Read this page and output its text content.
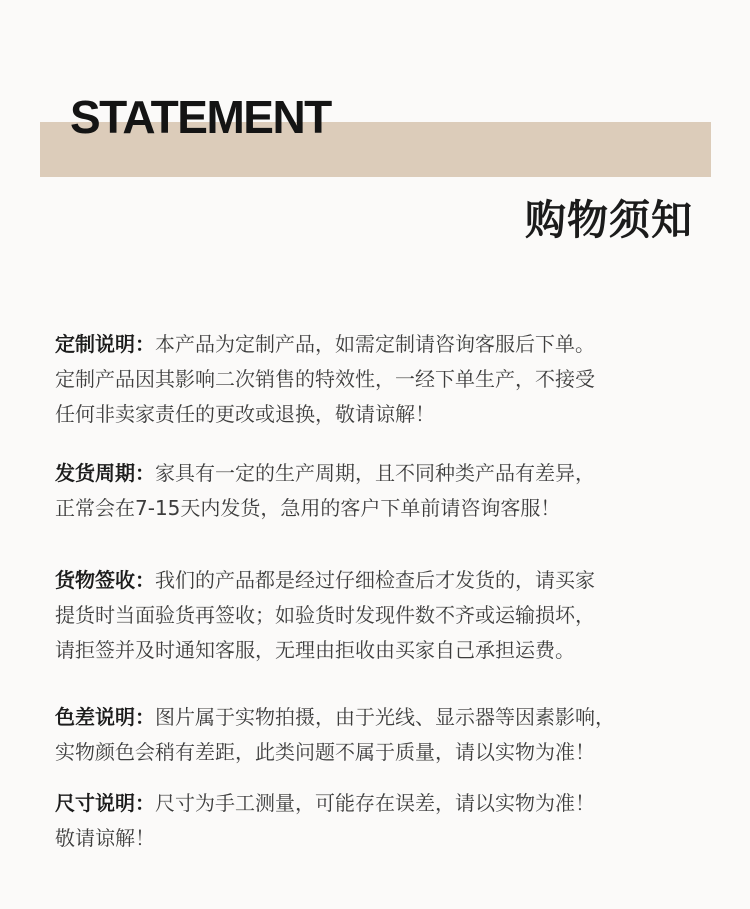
STATEMENT
购物须知

定制说明：本产品为定制产品，如需定制请咨询客服后下单。

定制产品因其影响二次销售的特效性，一经下单生产，不接受

任何非卖家责任的更改或退换，敬请谅解！

发货周期：家具有一定的生产周期，且不同种类产品有差异，

正常会在7-15天内发货，急用的客户下单前请咨询客服！

货物签收：我们的产品都是经过仔细检查后才发货的，请买家

提货时当面验货再签收；如验货时发现件数不齐或运输损坏，

请拒签并及时通知客服，无理由拒收由买家自己承担运费。

色差说明：图片属于实物拍摄，由于光线、显示器等因素影响，

实物颜色会稍有差距，此类问题不属于质量，请以实物为准！

尺寸说明：尺寸为手工测量，可能存在误差，请以实物为准！

敬请谅解！
